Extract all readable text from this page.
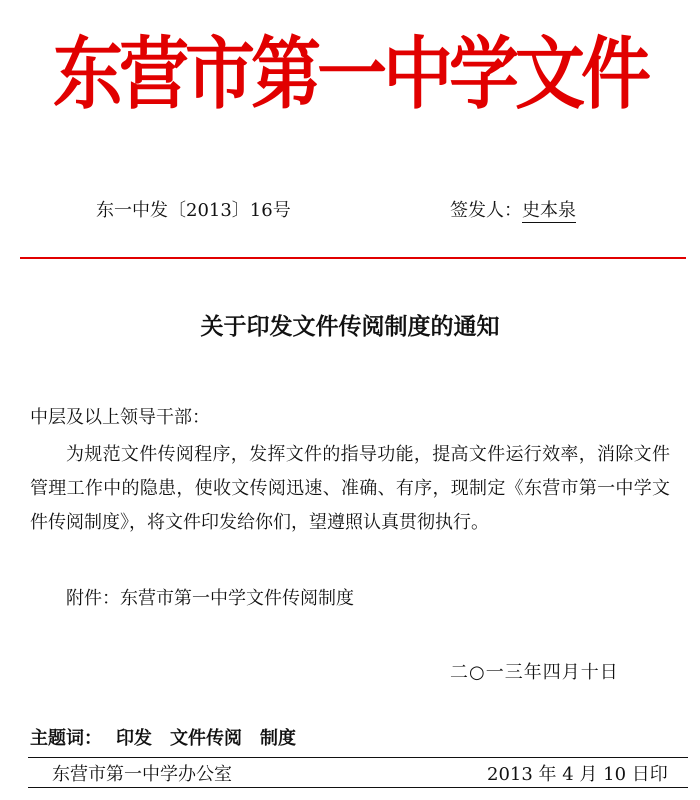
东营市第一中学文件
东一中发〔2013〕16号	签发人：史本泉
关于印发文件传阅制度的通知
中层及以上领导干部：
为规范文件传阅程序，发挥文件的指导功能，提高文件运行效率，消除文件管理工作中的隐患，使收文传阅迅速、准确、有序，现制定《东营市第一中学文件传阅制度》，将文件印发给你们，望遵照认真贯彻执行。
附件：东营市第一中学文件传阅制度
二○一三年四月十日
主题词： 印发　文件传阅　制度
东营市第一中学办公室	2013 年 4 月 10 日印
